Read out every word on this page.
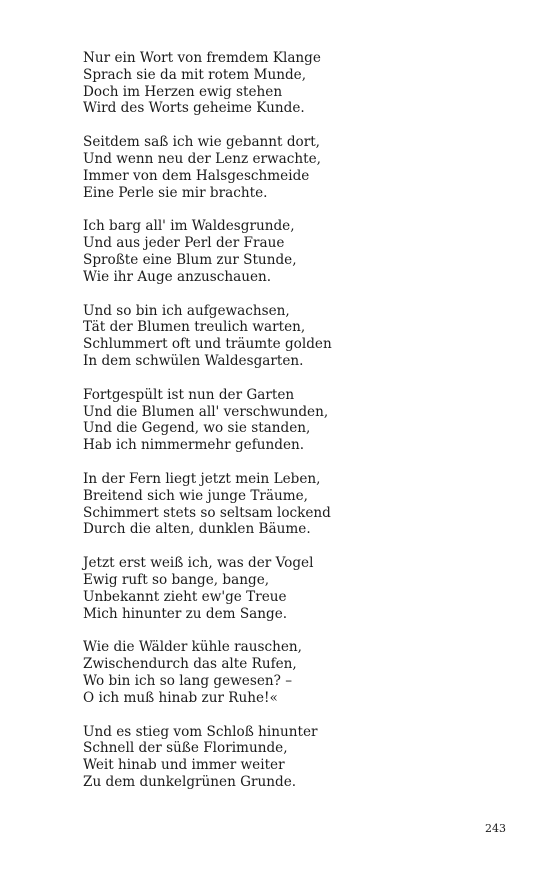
Nur ein Wort von fremdem Klange
Sprach sie da mit rotem Munde,
Doch im Herzen ewig stehen
Wird des Worts geheime Kunde.
Seitdem saß ich wie gebannt dort,
Und wenn neu der Lenz erwachte,
Immer von dem Halsgeschmeide
Eine Perle sie mir brachte.
Ich barg all' im Waldesgrunde,
Und aus jeder Perl der Fraue
Sproßte eine Blum zur Stunde,
Wie ihr Auge anzuschauen.
Und so bin ich aufgewachsen,
Tät der Blumen treulich warten,
Schlummert oft und träumte golden
In dem schwülen Waldesgarten.
Fortgespült ist nun der Garten
Und die Blumen all' verschwunden,
Und die Gegend, wo sie standen,
Hab ich nimmermehr gefunden.
In der Fern liegt jetzt mein Leben,
Breitend sich wie junge Träume,
Schimmert stets so seltsam lockend
Durch die alten, dunklen Bäume.
Jetzt erst weiß ich, was der Vogel
Ewig ruft so bange, bange,
Unbekannt zieht ew'ge Treue
Mich hinunter zu dem Sange.
Wie die Wälder kühle rauschen,
Zwischendurch das alte Rufen,
Wo bin ich so lang gewesen? –
O ich muß hinab zur Ruhe!«
Und es stieg vom Schloß hinunter
Schnell der süße Florimunde,
Weit hinab und immer weiter
Zu dem dunkelgrünen Grunde.
243
